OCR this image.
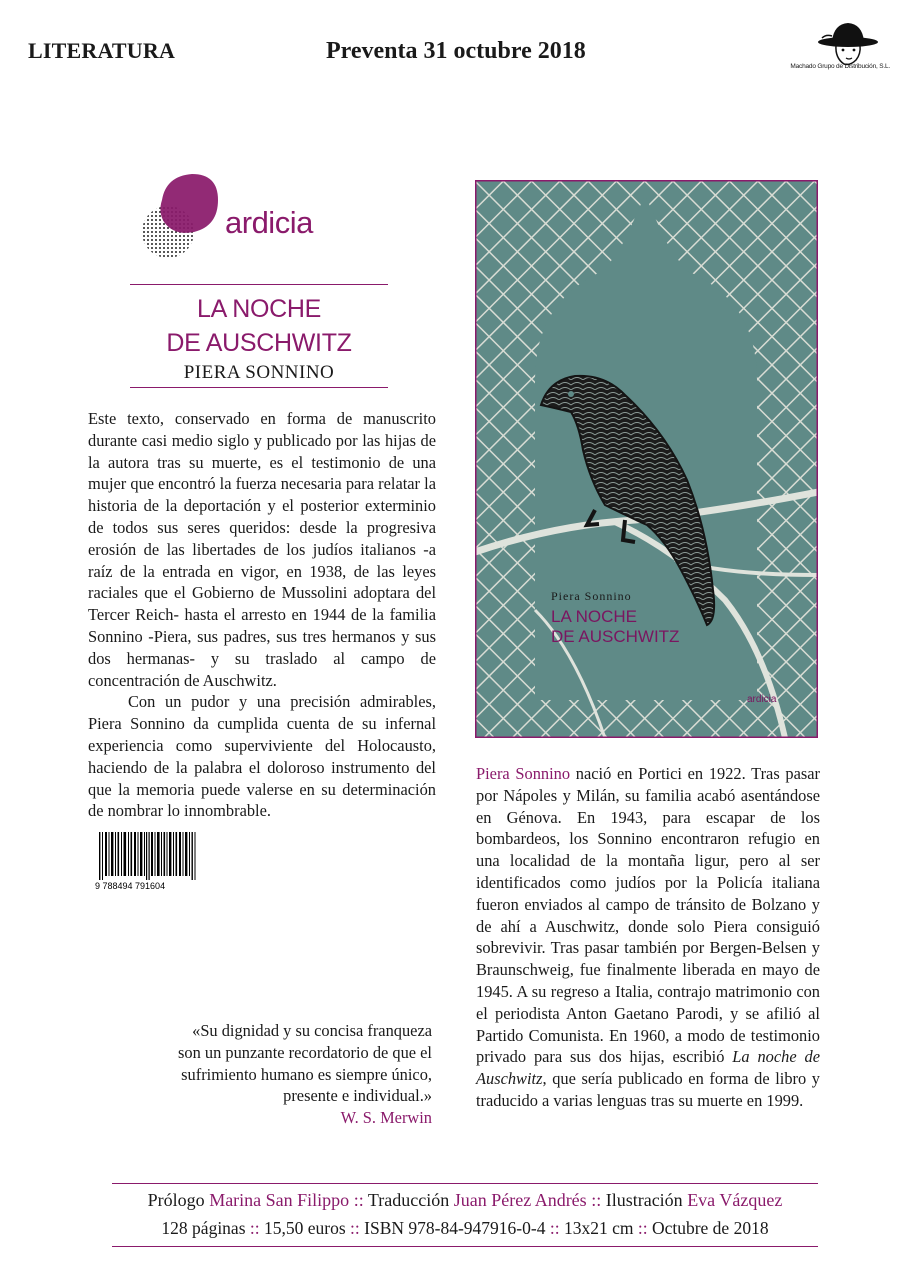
LITERATURA	Preventa 31 octubre 2018
Machado Grupo de Distribución, S.L.
ardicia
LA NOCHE
DE AUSCHWITZ
PIERA SONNINO

Este texto, conservado en forma de manuscrito durante casi medio siglo y publicado por las hijas de la autora tras su muerte, es el testimonio de una mujer que encontró la fuerza necesaria para relatar la historia de la deportación y el posterior exterminio de todos sus seres queridos: desde la progresiva erosión de las libertades de los judíos italianos -a raíz de la entrada en vigor, en 1938, de las leyes raciales que el Gobierno de Mussolini adoptara del Tercer Reich- hasta el arresto en 1944 de la familia Sonnino -Piera, sus padres, sus tres hermanos y sus dos hermanas- y su traslado al campo de concentración de Auschwitz.

Con un pudor y una precisión admirables, Piera Sonnino da cumplida cuenta de su infernal experiencia como superviviente del Holocausto, haciendo de la palabra el doloroso instrumento del que la memoria puede valerse en su determinación de nombrar lo innombrable.

9 788494 791604
«Su dignidad y su concisa franqueza
son un punzante recordatorio de que el
sufrimiento humano es siempre único,
presente e individual.»
W. S. Merwin
Piera Sonnino
LA NOCHE
DE AUSCHWITZ
ardicia
Piera Sonnino nació en Portici en 1922. Tras pasar por Nápoles y Milán, su familia acabó asentándose en Génova. En 1943, para escapar de los bombardeos, los Sonnino encontraron refugio en una localidad de la montaña ligur, pero al ser identificados como judíos por la Policía italiana fueron enviados al campo de tránsito de Bolzano y de ahí a Auschwitz, donde solo Piera consiguió sobrevivir. Tras pasar también por Bergen-Belsen y Braunschweig, fue finalmente liberada en mayo de 1945. A su regreso a Italia, contrajo matrimonio con el periodista Anton Gaetano Parodi, y se afilió al Partido Comunista. En 1960, a modo de testimonio privado para sus dos hijas, escribió La noche de Auschwitz, que sería publicado en forma de libro y traducido a varias lenguas tras su muerte en 1999.
Prólogo Marina San Filippo :: Traducción Juan Pérez Andrés :: Ilustración Eva Vázquez
128 páginas :: 15,50 euros :: ISBN 978-84-947916-0-4 :: 13x21 cm :: Octubre de 2018
